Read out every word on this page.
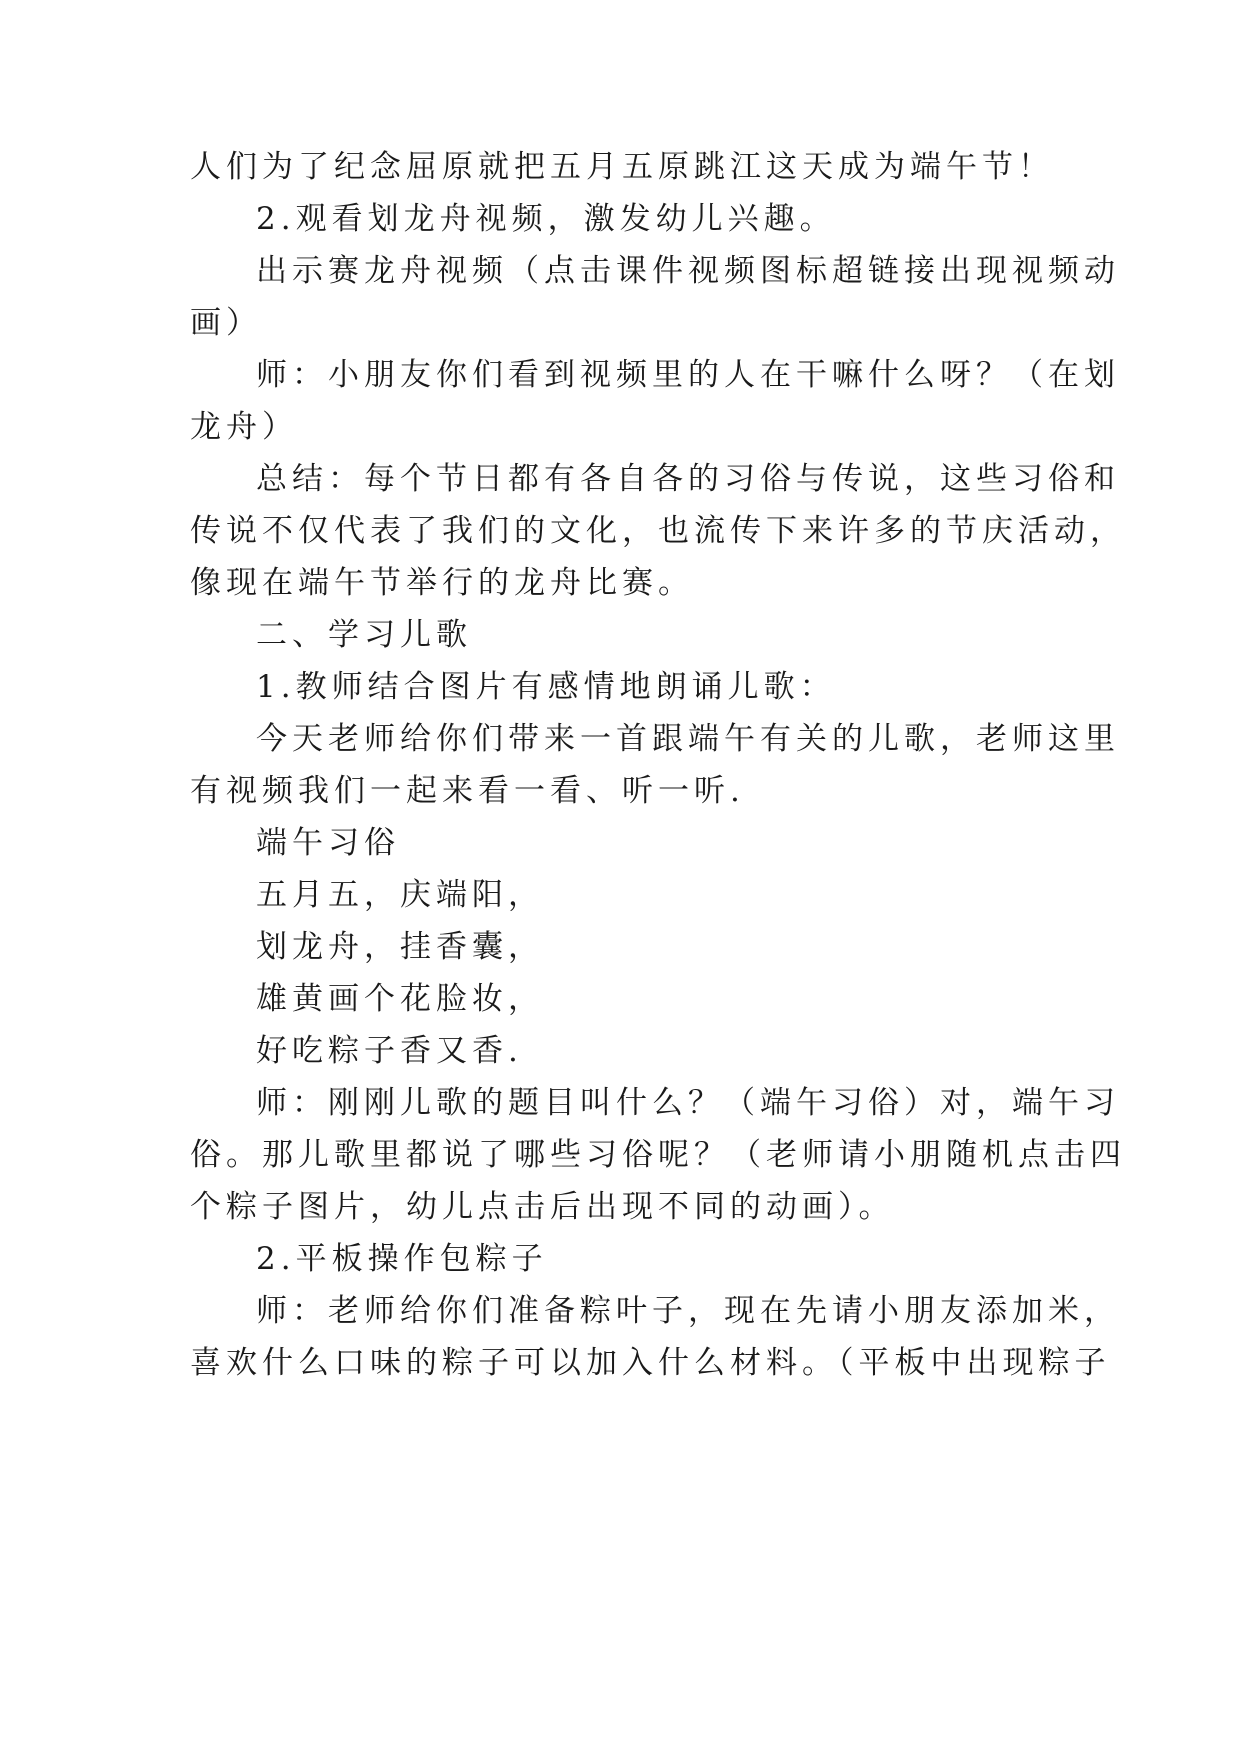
人们为了纪念屈原就把五月五原跳江这天成为端午节！
2.观看划龙舟视频，激发幼儿兴趣。
出示赛龙舟视频（点击课件视频图标超链接出现视频动
画）
师：小朋友你们看到视频里的人在干嘛什么呀？（在划
龙舟）
总结：每个节日都有各自各的习俗与传说，这些习俗和
传说不仅代表了我们的文化，也流传下来许多的节庆活动，
像现在端午节举行的龙舟比赛。
二、学习儿歌
1.教师结合图片有感情地朗诵儿歌：
今天老师给你们带来一首跟端午有关的儿歌，老师这里
有视频我们一起来看一看、听一听.
端午习俗
五月五，庆端阳，
划龙舟，挂香囊，
雄黄画个花脸妆，
好吃粽子香又香.
师：刚刚儿歌的题目叫什么？（端午习俗）对，端午习
俗。那儿歌里都说了哪些习俗呢？（老师请小朋随机点击四
个粽子图片，幼儿点击后出现不同的动画）。
2.平板操作包粽子
师：老师给你们准备粽叶子，现在先请小朋友添加米，
喜欢什么口味的粽子可以加入什么材料。（平板中出现粽子
